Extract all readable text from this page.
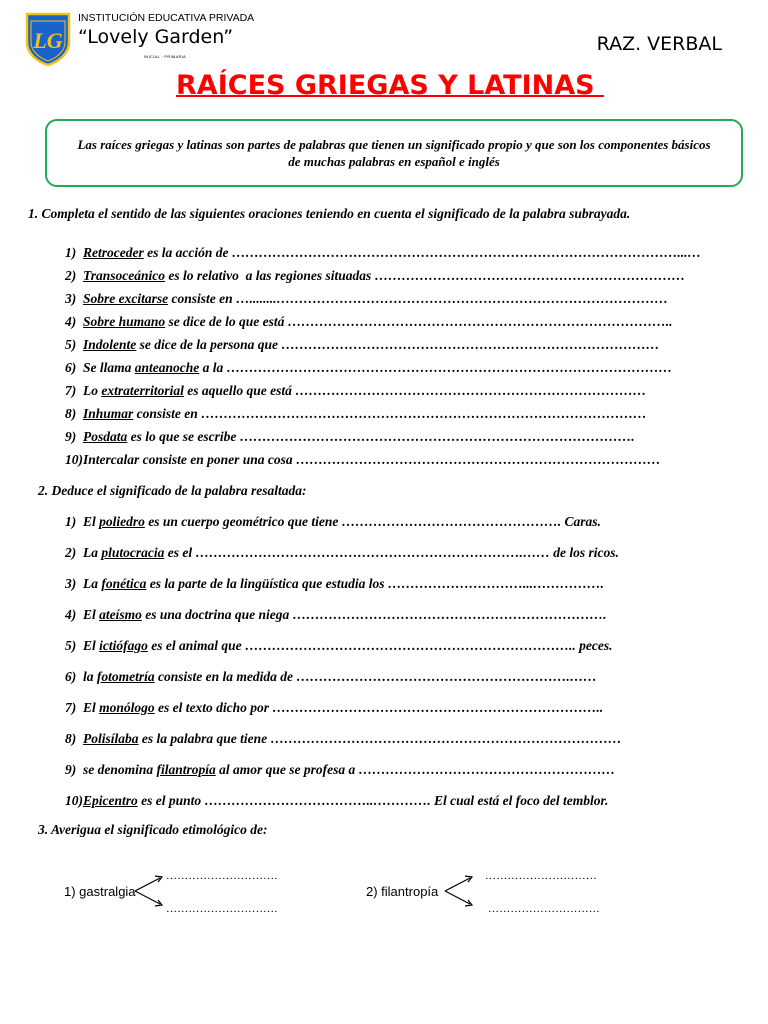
LG
INSTITUCIÓN EDUCATIVA PRIVADA
“Lovely Garden”
INICIAL · PRIMARIA
RAZ. VERBAL
RAÍCES GRIEGAS Y LATINAS
Las raíces griegas y latinas son partes de palabras que tienen un significado propio y que son los componentes básicos de muchas palabras en español e inglés
1. Completa el sentido de las siguientes oraciones teniendo en cuenta el significado de la palabra subrayada.
1) Retroceder es la acción de ………………………………………………………………………………………...…
2) Transoceánico es lo relativo  a las regiones situadas ……………………………………………………………
3) Sobre excitarse consiste en …........……………………………………………………………………………
4) Sobre humano se dice de lo que está …………………………………………………………………………..
5) Indolente se dice de la persona que …………………………………………………………………………
6) Se llama anteanoche a la ………………………………………………………………………………………
7) Lo extraterritorial es aquello que está ……………………………………………………………………
8) Inhumar consiste en ………………………………………………………………………………………
9) Posdata es lo que se escribe …………………………………………………………………………….
10)Intercalar consiste en poner una cosa ………………………………………………………………………
2. Deduce el significado de la palabra resaltada:
1) El poliedro es un cuerpo geométrico que tiene …………………………………………. Caras.
2) La plutocracia es el ……………………………………………………………….…… de los ricos.
3) La fonética es la parte de la lingüística que estudia los …………………………...…………….
4) El ateísmo es una doctrina que niega …………………………………………………………….
5) El ictiófago es el animal que ……………………………………………………………….. peces.
6) la fotometría consiste en la medida de …………………………………………………….……
7) El monólogo es el texto dicho por ………………………………………………………………..
8) Polisílaba es la palabra que tiene ……………………………………………………………………
9) se denomina filantropía al amor que se profesa a …………………………………………………
10)Epicentro es el punto ………………………………..…………. El cual está el foco del temblor.
3. Averigua el significado etimológico de:
1) gastralgia
…………………………
…………………………
2) filantropía
…………………………
…………………………
